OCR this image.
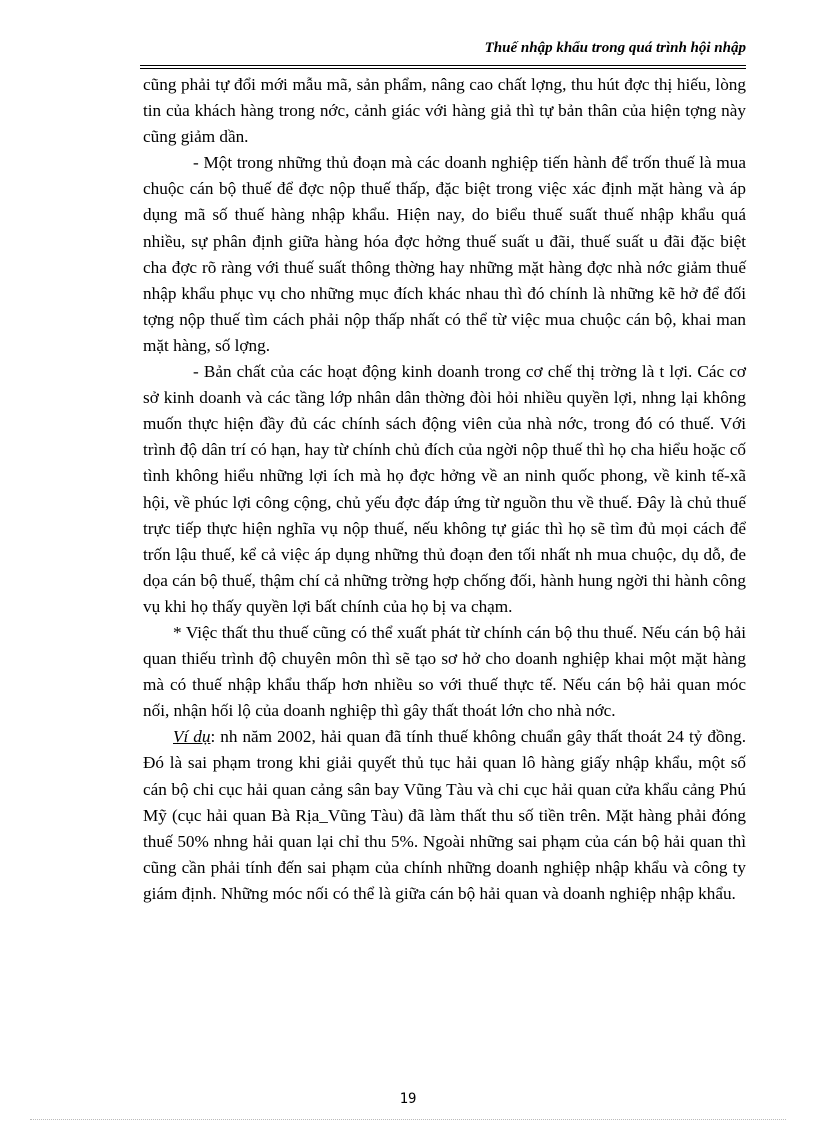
Thuế nhập khẩu trong quá trình hội nhập

cũng phải tự đổi mới mẫu mã, sản phẩm, nâng cao chất lợng, thu hút đợc thị hiếu, lòng tin của khách hàng trong nớc, cảnh giác với hàng giả thì tự bản thân của hiện tợng này cũng giảm dần.

- Một trong những thủ đoạn mà các doanh nghiệp tiến hành để trốn thuế là mua chuộc cán bộ thuế để đợc nộp thuế thấp, đặc biệt trong việc xác định mặt hàng và áp dụng mã số thuế hàng nhập khẩu. Hiện nay, do biểu thuế suất thuế nhập khẩu quá nhiều, sự phân định giữa hàng hóa đợc hởng thuế suất u đãi, thuế suất u đãi đặc biệt cha đợc rõ ràng với thuế suất thông thờng hay những mặt hàng đợc nhà nớc giảm thuế nhập khẩu phục vụ cho những mục đích khác nhau thì đó chính là những kẽ hở để đối tợng nộp thuế tìm cách phải nộp thấp nhất có thể từ việc mua chuộc cán bộ, khai man mặt hàng, số lợng.

- Bản chất của các hoạt động kinh doanh trong cơ chế thị trờng là t lợi. Các cơ sở kinh doanh và các tầng lớp nhân dân thờng đòi hỏi nhiều quyền lợi, nhng lại không muốn thực hiện đầy đủ các chính sách động viên của nhà nớc, trong đó có thuế. Với trình độ dân trí có hạn, hay từ chính chủ đích của ngời nộp thuế thì họ cha hiểu hoặc cố tình không hiểu những lợi ích mà họ đợc hởng về an ninh quốc phong, về kinh tế-xã hội, về phúc lợi công cộng, chủ yếu đợc đáp ứng từ nguồn thu về thuế. Đây là chủ thuế trực tiếp thực hiện nghĩa vụ nộp thuế, nếu không tự giác thì họ sẽ tìm đủ mọi cách để trốn lậu thuế, kể cả việc áp dụng những thủ đoạn đen tối nhất nh mua chuộc, dụ dỗ, đe dọa cán bộ thuế, thậm chí cả những trờng hợp chống đối, hành hung ngời thi hành công vụ khi họ thấy quyền lợi bất chính của họ bị va chạm.

* Việc thất thu thuế cũng có thể xuất phát từ chính cán bộ thu thuế. Nếu cán bộ hải quan thiếu trình độ chuyên môn thì sẽ tạo sơ hở cho doanh nghiệp khai một mặt hàng mà có thuế nhập khẩu thấp hơn nhiều so với thuế thực tế. Nếu cán bộ hải quan móc nối, nhận hối lộ của doanh nghiệp thì gây thất thoát lớn cho nhà nớc.

Ví dụ: nh năm 2002, hải quan đã tính thuế không chuẩn gây thất thoát 24 tỷ đồng. Đó là sai phạm trong khi giải quyết thủ tục hải quan lô hàng giấy nhập khẩu, một số cán bộ chi cục hải quan cảng sân bay Vũng Tàu và chi cục hải quan cửa khẩu cảng Phú Mỹ (cục hải quan Bà Rịa_Vũng Tàu) đã làm thất thu số tiền trên. Mặt hàng phải đóng thuế 50% nhng hải quan lại chỉ thu 5%. Ngoài những sai phạm của cán bộ hải quan thì cũng cần phải tính đến sai phạm của chính những doanh nghiệp nhập khẩu và công ty giám định. Những móc nối có thể là giữa cán bộ hải quan và doanh nghiệp nhập khẩu.

19
